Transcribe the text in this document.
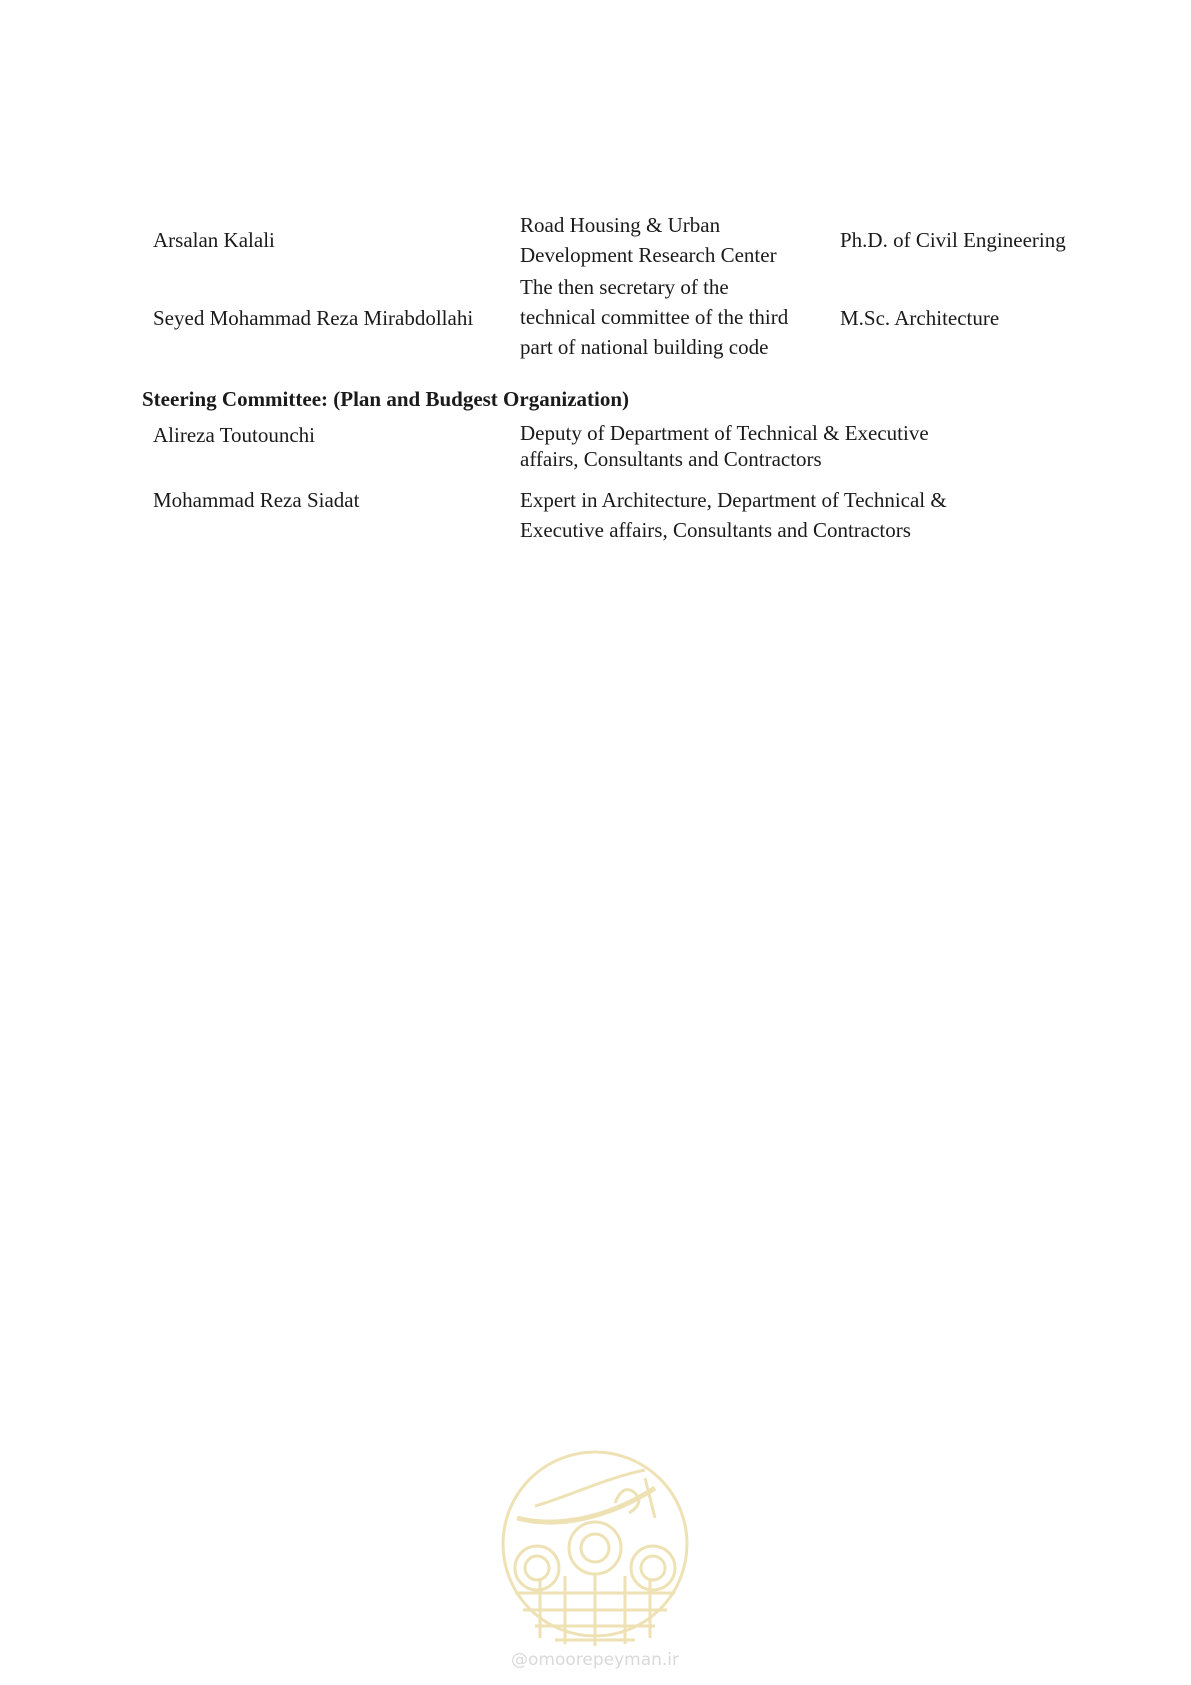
Arsalan Kalali
Road Housing & Urban
Development Research Center
Ph.D. of Civil Engineering
Seyed Mohammad Reza Mirabdollahi
The then secretary of the
technical committee of the third
part of national building code
M.Sc. Architecture
Steering Committee: (Plan and Budgest Organization)
Alireza Toutounchi	Deputy of Department of Technical & Executive
affairs, Consultants and Contractors
Mohammad Reza Siadat	Expert in Architecture, Department of Technical &
Executive affairs, Consultants and Contractors
@omoorepeyman.ir
